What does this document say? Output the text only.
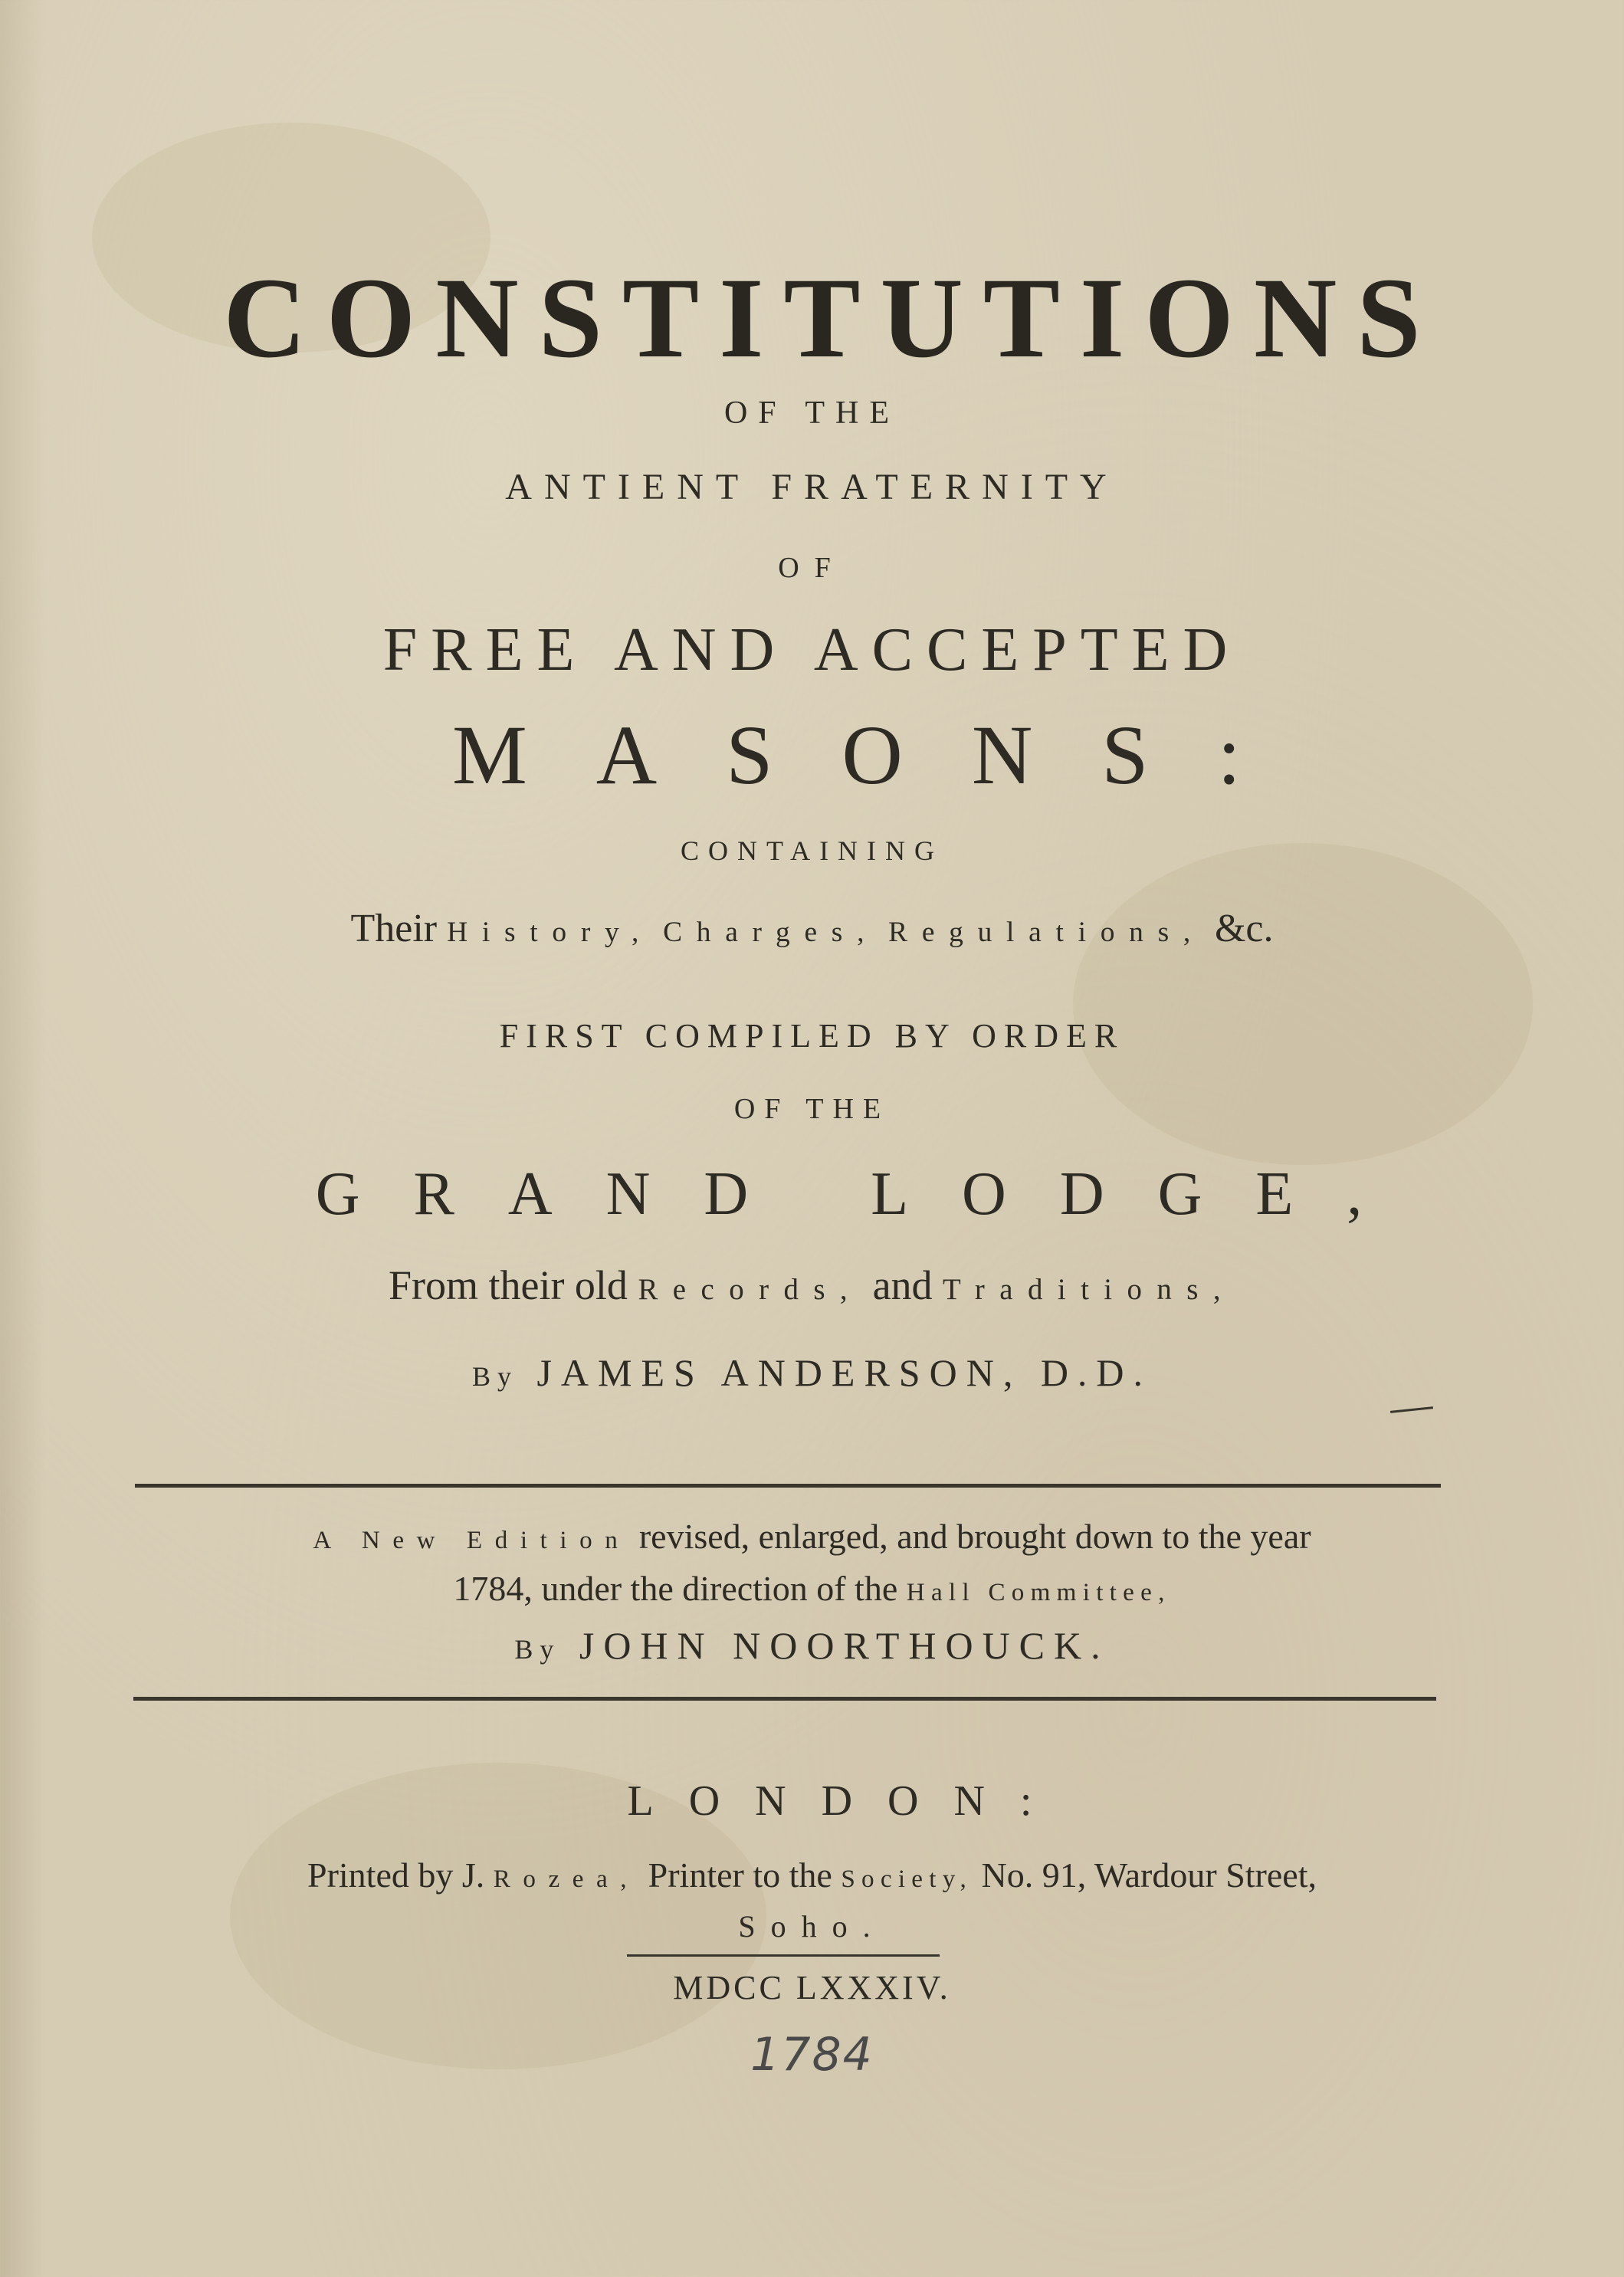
CONSTITUTIONS
OF THE
ANTIENT FRATERNITY
OF
FREE AND ACCEPTED
MASONS:
CONTAINING
Their History, Charges, Regulations, &c.
FIRST COMPILED BY ORDER
OF THE
GRAND LODGE,
From their old Records, and Traditions,
By JAMES ANDERSON, D.D.
A New Edition revised, enlarged, and brought down to the year
1784, under the direction of the Hall Committee,
By JOHN NOORTHOUCK.
LONDON:
Printed by J. Rozea, Printer to the Society, No. 91, Wardour Street,
Soho.
MDCC LXXXIV.
1784
